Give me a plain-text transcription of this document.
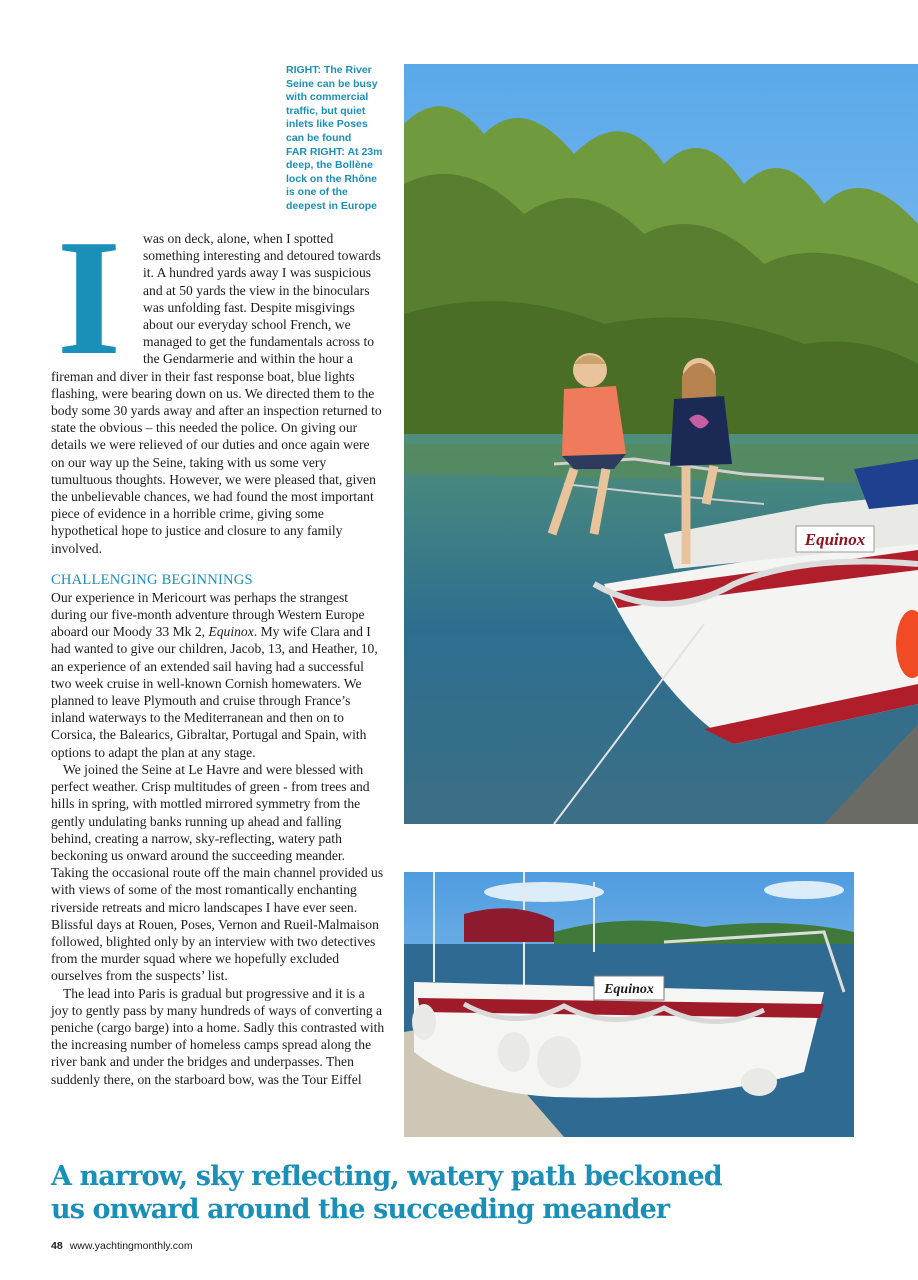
RIGHT: The River
Seine can be busy
with commercial
traffic, but quiet
inlets like Poses
can be found
FAR RIGHT: At 23m
deep, the Bollène
lock on the Rhône
is one of the
deepest in Europe
I	was on deck, alone, when I spotted something interesting and detoured towards it. A hundred yards away I was suspicious and at 50 yards the view in the binoculars was unfolding fast. Despite misgivings about our everyday school French, we managed to get the fundamentals across to the Gendarmerie and within the hour a fireman and diver in their fast response boat, blue lights flashing, were bearing down on us. We directed them to the body some 30 yards away and after an inspection returned to state the obvious – this needed the police. On giving our details we were relieved of our duties and once again were on our way up the Seine, taking with us some very tumultuous thoughts. However, we were pleased that, given the unbelievable chances, we had found the most important piece of evidence in a horrible crime, giving some hypothetical hope to justice and closure to any family involved.

CHALLENGING BEGINNINGS

Our experience in Mericourt was perhaps the strangest during our five-month adventure through Western Europe aboard our Moody 33 Mk 2, Equinox. My wife Clara and I had wanted to give our children, Jacob, 13, and Heather, 10, an experience of an extended sail having had a successful two week cruise in well-known Cornish homewaters. We planned to leave Plymouth and cruise through France’s inland waterways to the Mediterranean and then on to Corsica, the Balearics, Gibraltar, Portugal and Spain, with options to adapt the plan at any stage.

We joined the Seine at Le Havre and were blessed with perfect weather. Crisp multitudes of green - from trees and hills in spring, with mottled mirrored symmetry from the gently undulating banks running up ahead and falling behind, creating a narrow, sky-reflecting, watery path beckoning us onward around the succeeding meander. Taking the occasional route off the main channel provided us with views of some of the most romantically enchanting riverside retreats and micro landscapes I have ever seen. Blissful days at Rouen, Poses, Vernon and Rueil-Malmaison followed, blighted only by an interview with two detectives from the murder squad where we hopefully excluded ourselves from the suspects’ list.

The lead into Paris is gradual but progressive and it is a joy to gently pass by many hundreds of ways of converting a peniche (cargo barge) into a home. Sadly this contrasted with the increasing number of homeless camps spread along the river bank and under the bridges and underpasses. Then suddenly there, on the starboard bow, was the Tour Eiffel

Equinox
Equinox
A narrow, sky reflecting, watery path beckoned
us onward around the succeeding meander
48 www.yachtingmonthly.com
